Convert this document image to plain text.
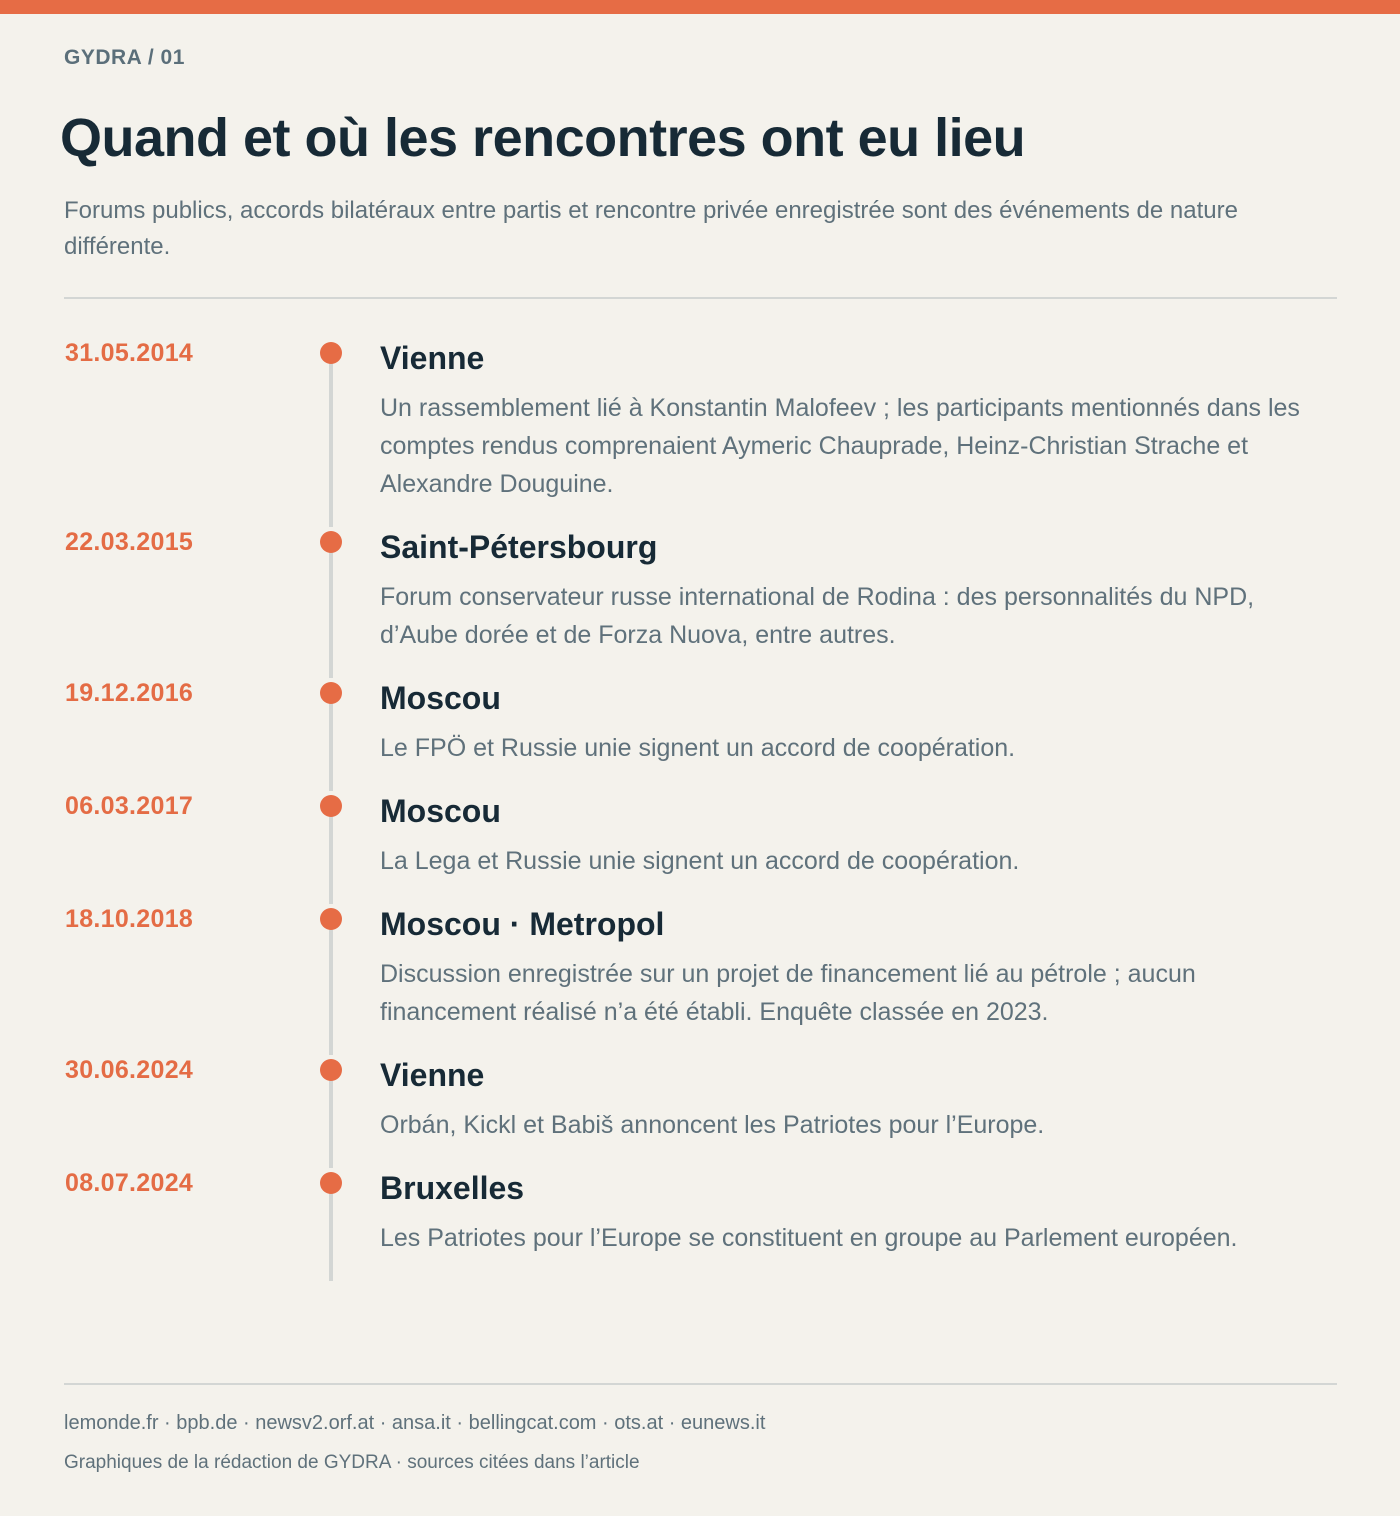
GYDRA / 01
Quand et où les rencontres ont eu lieu

Forums publics, accords bilatéraux entre partis et rencontre privée enregistrée sont des événements de nature différente.

31.05.2014	Vienne

Un rassemblement lié à Konstantin Malofeev ; les participants mentionnés dans les comptes rendus comprenaient Aymeric Chauprade, Heinz-Christian Strache et Alexandre Douguine.

22.03.2015	Saint-Pétersbourg

Forum conservateur russe international de Rodina : des personnalités du NPD, d’Aube dorée et de Forza Nuova, entre autres.

19.12.2016	Moscou

Le FPÖ et Russie unie signent un accord de coopération.

06.03.2017	Moscou

La Lega et Russie unie signent un accord de coopération.

18.10.2018	Moscou · Metropol

Discussion enregistrée sur un projet de financement lié au pétrole ; aucun financement réalisé n’a été établi. Enquête classée en 2023.

30.06.2024	Vienne

Orbán, Kickl et Babiš annoncent les Patriotes pour l’Europe.

08.07.2024	Bruxelles

Les Patriotes pour l’Europe se constituent en groupe au Parlement européen.

lemonde.fr · bpb.de · newsv2.orf.at · ansa.it · bellingcat.com · ots.at · eunews.it
Graphiques de la rédaction de GYDRA · sources citées dans l’article
